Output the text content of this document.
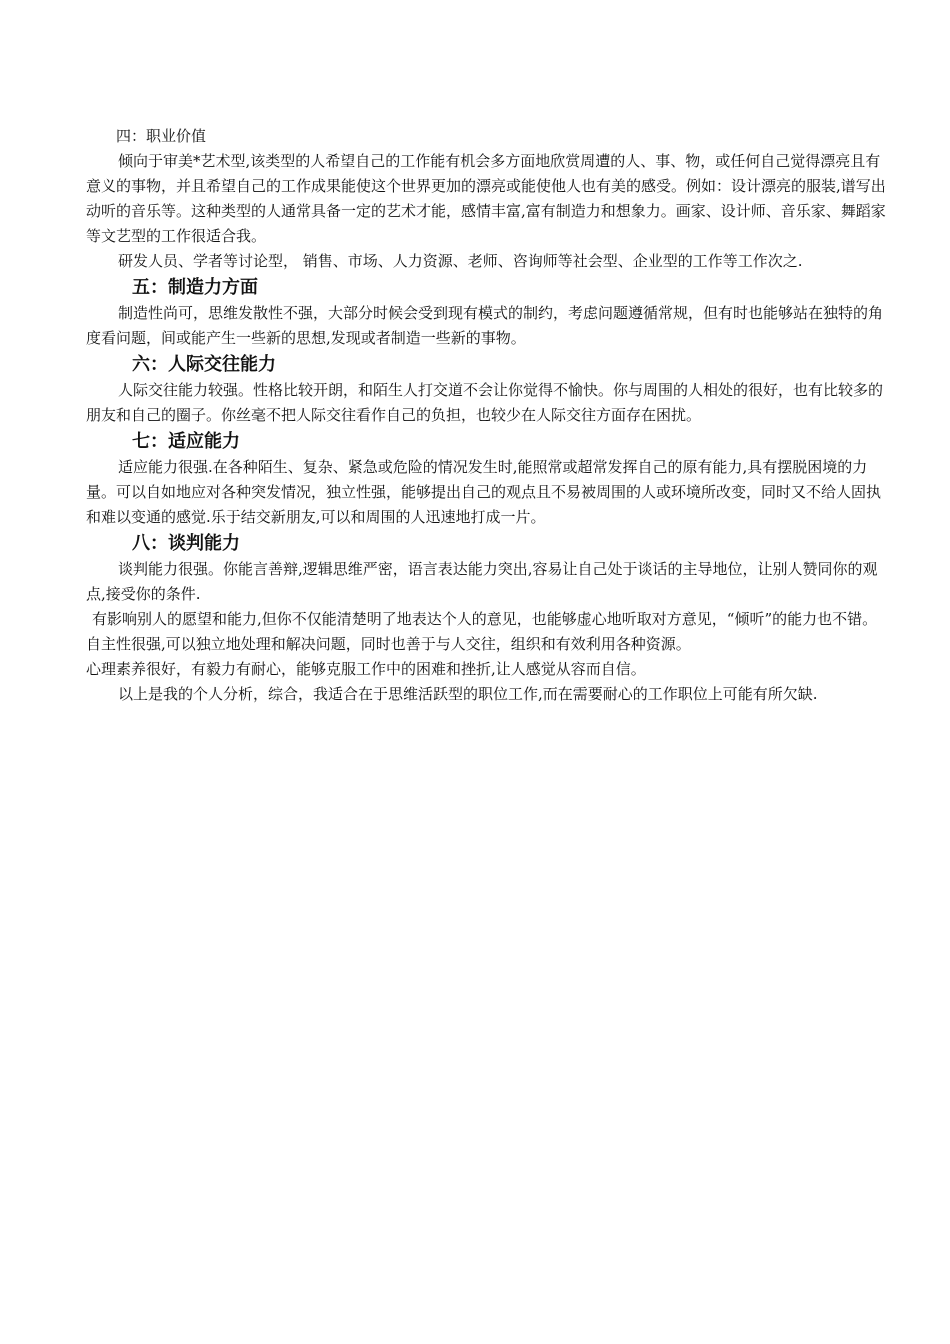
四：职业价值

倾向于审美*艺术型,该类型的人希望自己的工作能有机会多方面地欣赏周遭的人、事、物，或任何自己觉得漂亮且有意义的事物，并且希望自己的工作成果能使这个世界更加的漂亮或能使他人也有美的感受。例如：设计漂亮的服装,谱写出动听的音乐等。这种类型的人通常具备一定的艺术才能，感情丰富,富有制造力和想象力。画家、设计师、音乐家、舞蹈家等文艺型的工作很适合我。

研发人员、学者等讨论型， 销售、市场、人力资源、老师、咨询师等社会型、企业型的工作等工作次之.

五：制造力方面

制造性尚可，思维发散性不强，大部分时候会受到现有模式的制约，考虑问题遵循常规，但有时也能够站在独特的角度看问题，间或能产生一些新的思想,发现或者制造一些新的事物。

六：人际交往能力

人际交往能力较强。性格比较开朗，和陌生人打交道不会让你觉得不愉快。你与周围的人相处的很好，也有比较多的朋友和自己的圈子。你丝毫不把人际交往看作自己的负担，也较少在人际交往方面存在困扰。

七：适应能力

适应能力很强.在各种陌生、复杂、紧急或危险的情况发生时,能照常或超常发挥自己的原有能力,具有摆脱困境的力量。可以自如地应对各种突发情况，独立性强，能够提出自己的观点且不易被周围的人或环境所改变，同时又不给人固执和难以变通的感觉.乐于结交新朋友,可以和周围的人迅速地打成一片。

八：谈判能力

谈判能力很强。你能言善辩,逻辑思维严密，语言表达能力突出,容易让自己处于谈话的主导地位，让别人赞同你的观点,接受你的条件.

有影响别人的愿望和能力,但你不仅能清楚明了地表达个人的意见，也能够虚心地听取对方意见，“倾听”的能力也不错。

自主性很强,可以独立地处理和解决问题，同时也善于与人交往，组织和有效利用各种资源。

心理素养很好，有毅力有耐心，能够克服工作中的困难和挫折,让人感觉从容而自信。

以上是我的个人分析，综合，我适合在于思维活跃型的职位工作,而在需要耐心的工作职位上可能有所欠缺.
